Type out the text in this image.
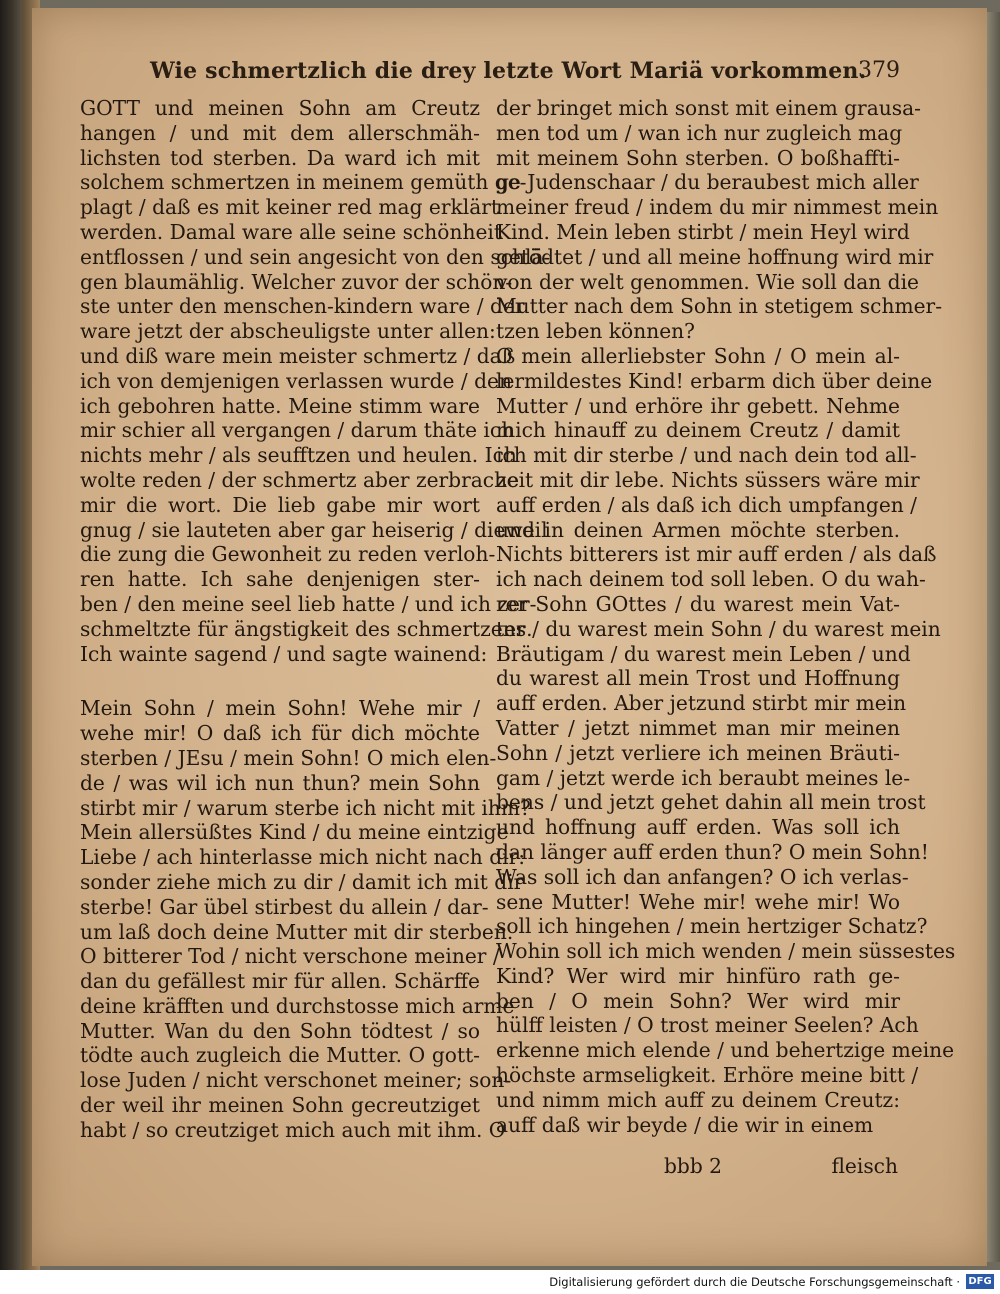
Wie schmertzlich die drey letzte Wort Mariä vorkommen.
379
GOTT und meinen Sohn am Creutz
hangen / und mit dem allerschmäh-
lichsten tod sterben. Da ward ich mit
solchem schmertzen in meinem gemüth ge-
plagt / daß es mit keiner red mag erklärt
werden. Damal ware alle seine schönheit
entflossen / und sein angesicht von den schlä-
gen blaumählig. Welcher zuvor der schön-
ste unter den menschen-kindern ware / der
ware jetzt der abscheuligste unter allen:
und diß ware mein meister schmertz / daß
ich von demjenigen verlassen wurde / den
ich gebohren hatte. Meine stimm ware
mir schier all vergangen / darum thäte ich
nichts mehr / als seufftzen und heulen. Ich
wolte reden / der schmertz aber zerbrache
mir die wort. Die lieb gabe mir wort
gnug / sie lauteten aber gar heiserig / dieweil
die zung die Gewonheit zu reden verloh-
ren hatte. Ich sahe denjenigen ster-
ben / den meine seel lieb hatte / und ich zer-
schmeltzte für ängstigkeit des schmertzens.
Ich wainte sagend / und sagte wainend:
Mein Sohn / mein Sohn! Wehe mir /
wehe mir! O daß ich für dich möchte
sterben / JEsu / mein Sohn! O mich elen-
de / was wil ich nun thun? mein Sohn
stirbt mir / warum sterbe ich nicht mit ihm?
Mein allersüßtes Kind / du meine eintzige
Liebe / ach hinterlasse mich nicht nach dir:
sonder ziehe mich zu dir / damit ich mit dir
sterbe! Gar übel stirbest du allein / dar-
um laß doch deine Mutter mit dir sterben.
O bitterer Tod / nicht verschone meiner /
dan du gefällest mir für allen. Schärffe
deine kräfften und durchstosse mich arme
Mutter. Wan du den Sohn tödtest / so
tödte auch zugleich die Mutter. O gott-
lose Juden / nicht verschonet meiner; son-
der weil ihr meinen Sohn gecreutziget
habt / so creutziget mich auch mit ihm. O
der bringet mich sonst mit einem grausa-
men tod um / wan ich nur zugleich mag
mit meinem Sohn sterben. O boßhaffti-
ge Judenschaar / du beraubest mich aller
meiner freud / indem du mir nimmest mein
Kind. Mein leben stirbt / mein Heyl wird
getödtet / und all meine hoffnung wird mir
von der welt genommen. Wie soll dan die
Mutter nach dem Sohn in stetigem schmer-
tzen leben können?
O mein allerliebster Sohn / O mein al-
lermildestes Kind! erbarm dich über deine
Mutter / und erhöre ihr gebett. Nehme
mich hinauff zu deinem Creutz / damit
ich mit dir sterbe / und nach dein tod all-
zeit mit dir lebe. Nichts süssers wäre mir
auff erden / als daß ich dich umpfangen /
und in deinen Armen möchte sterben.
Nichts bitterers ist mir auff erden / als daß
ich nach deinem tod soll leben. O du wah-
rer Sohn GOttes / du warest mein Vat-
ter / du warest mein Sohn / du warest mein
Bräutigam / du warest mein Leben / und
du warest all mein Trost und Hoffnung
auff erden. Aber jetzund stirbt mir mein
Vatter / jetzt nimmet man mir meinen
Sohn / jetzt verliere ich meinen Bräuti-
gam / jetzt werde ich beraubt meines le-
bens / und jetzt gehet dahin all mein trost
und hoffnung auff erden. Was soll ich
dan länger auff erden thun? O mein Sohn!
Was soll ich dan anfangen? O ich verlas-
sene Mutter! Wehe mir! wehe mir! Wo
soll ich hingehen / mein hertziger Schatz?
Wohin soll ich mich wenden / mein süssestes
Kind? Wer wird mir hinfüro rath ge-
ben / O mein Sohn? Wer wird mir
hülff leisten / O trost meiner Seelen? Ach
erkenne mich elende / und behertzige meine
höchste armseligkeit. Erhöre meine bitt /
und nimm mich auff zu deinem Creutz:
auff daß wir beyde / die wir in einem
bbb 2	fleisch
Digitalisierung gefördert durch die Deutsche Forschungsgemeinschaft · DFG
